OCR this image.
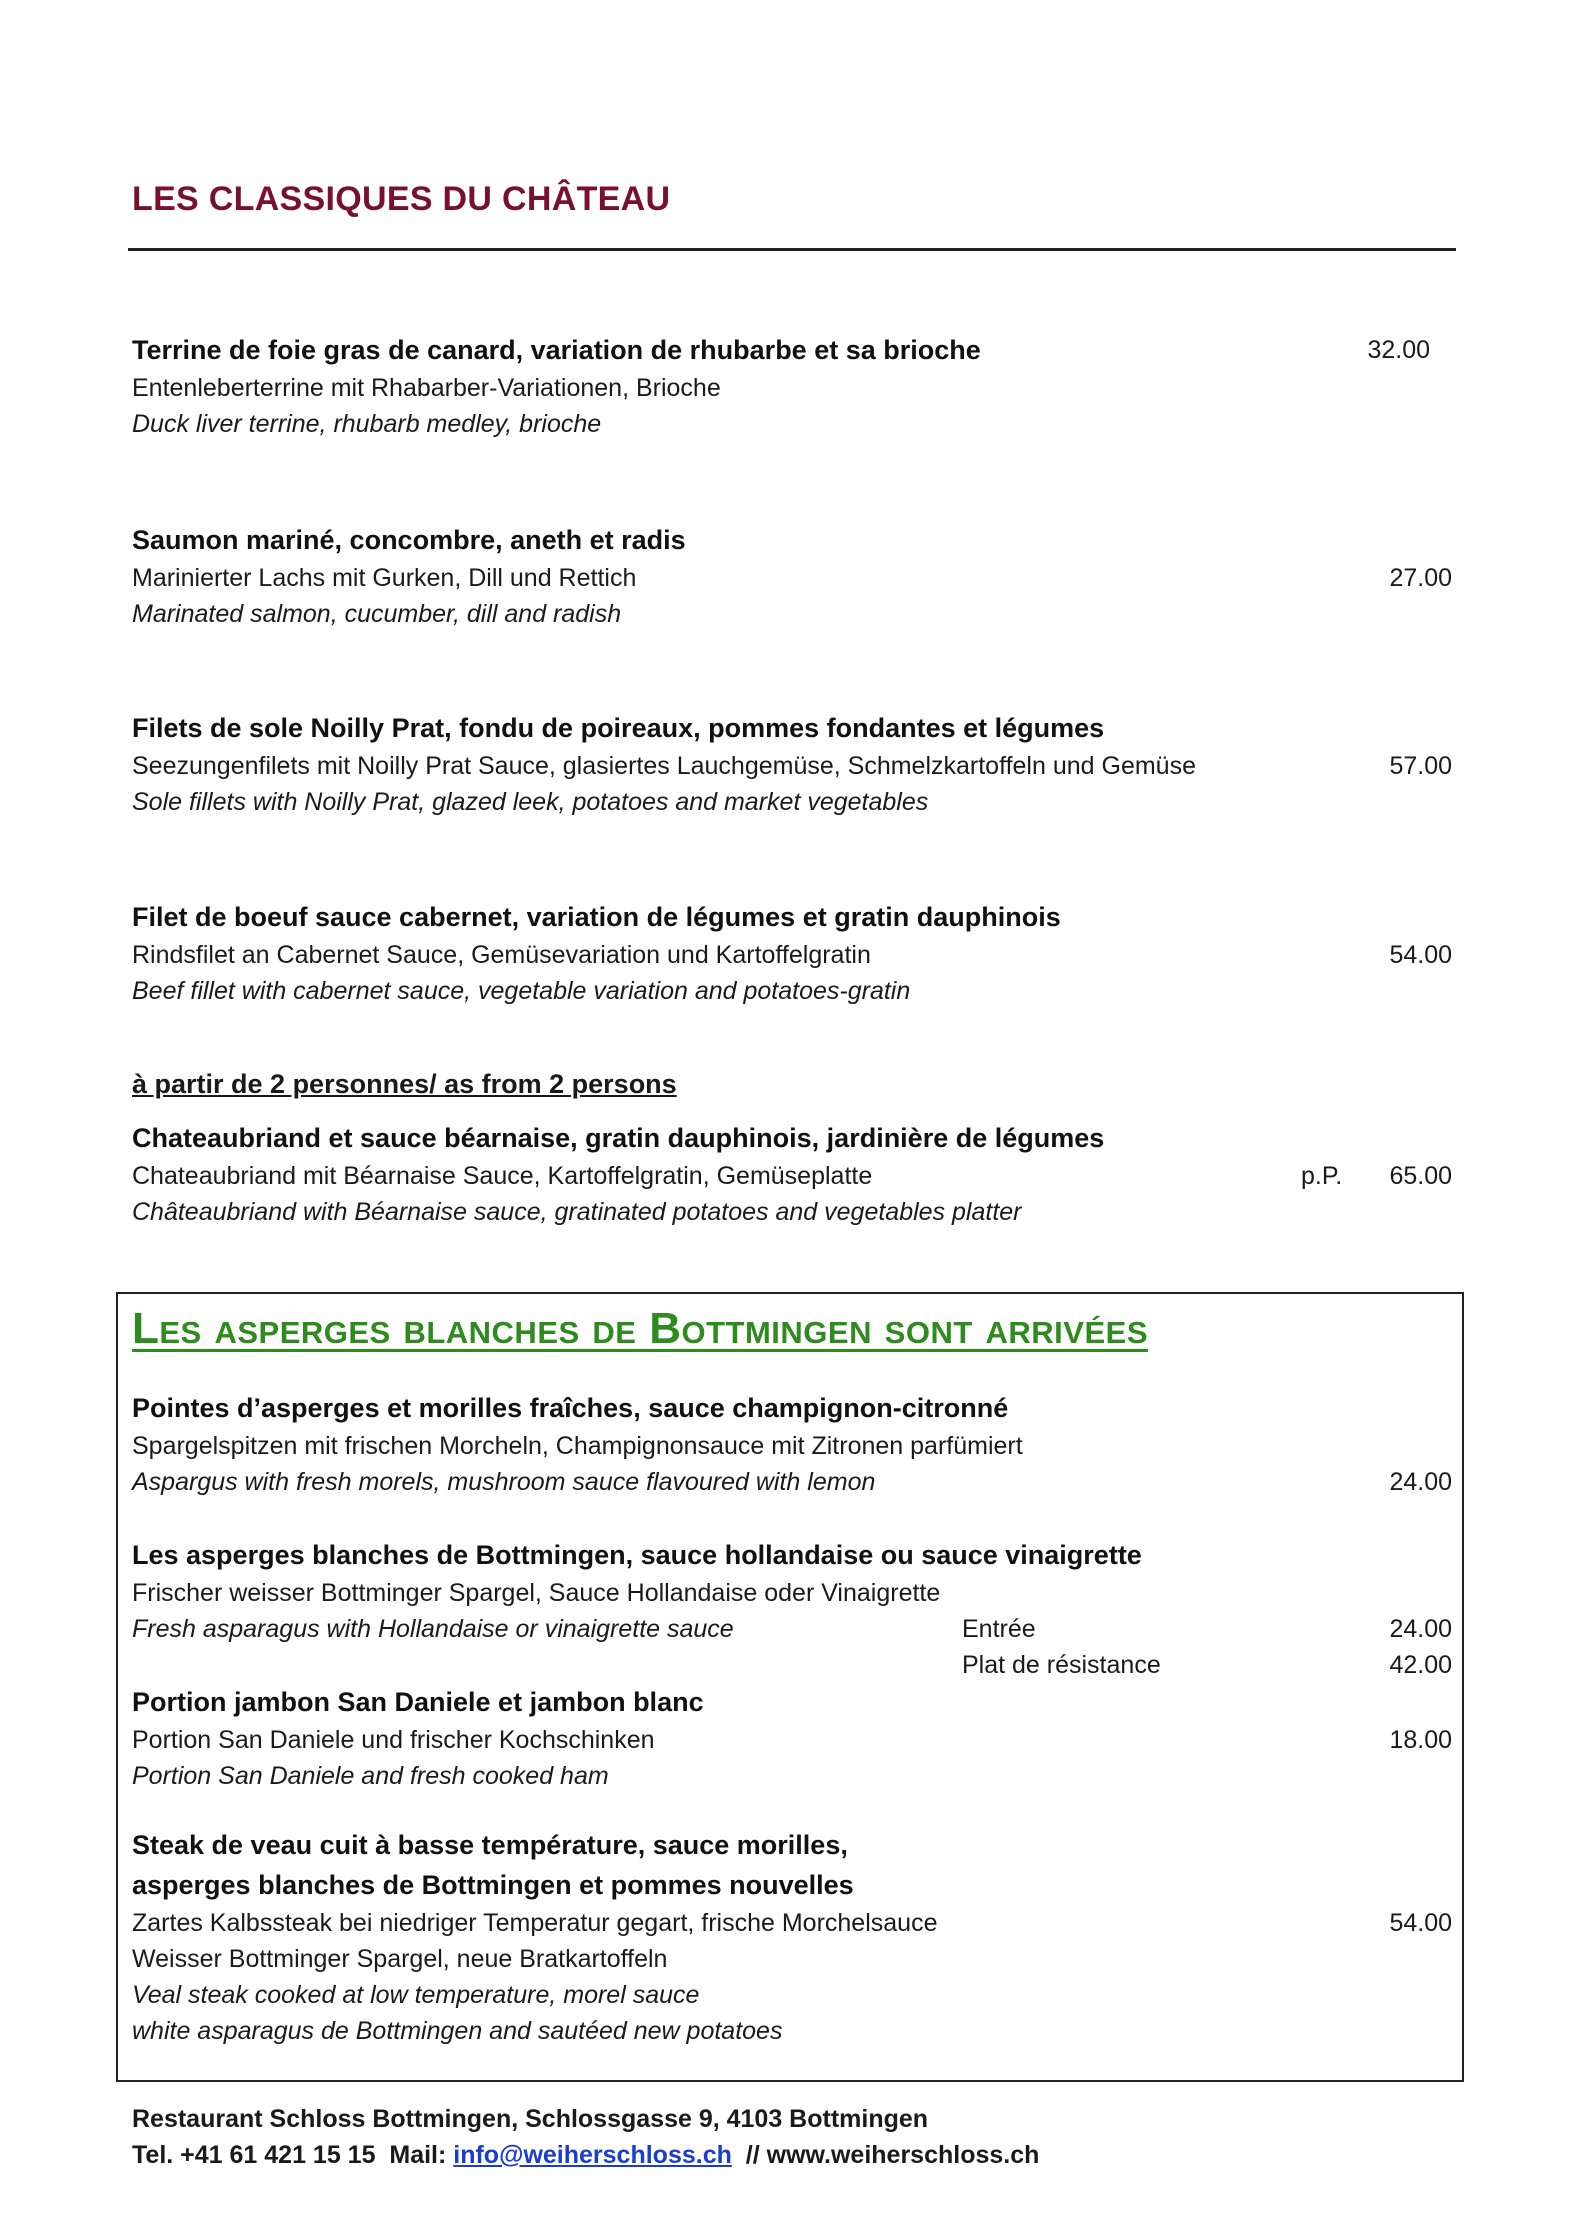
LES CLASSIQUES DU CHÂTEAU
Terrine de foie gras de canard, variation de rhubarbe et sa brioche
Entenleberterrine mit Rhabarber-Variationen, Brioche
Duck liver terrine, rhubarb medley, brioche
32.00
Saumon mariné, concombre, aneth et radis
Marinierter Lachs mit Gurken, Dill und Rettich
Marinated salmon, cucumber, dill and radish
27.00
Filets de sole Noilly Prat, fondu de poireaux, pommes fondantes et légumes
Seezungenfilets mit Noilly Prat Sauce, glasiertes Lauchgemüse, Schmelzkartoffeln und Gemüse
Sole fillets with Noilly Prat, glazed leek, potatoes and market vegetables
57.00
Filet de boeuf sauce cabernet, variation de légumes et gratin dauphinois
Rindsfilet an Cabernet Sauce, Gemüsevariation und Kartoffelgratin
Beef fillet with cabernet sauce, vegetable variation and potatoes-gratin
54.00
à partir de 2 personnes/ as from 2 persons
Chateaubriand et sauce béarnaise, gratin dauphinois, jardinière de légumes
Chateaubriand mit Béarnaise Sauce, Kartoffelgratin, Gemüseplatte
Châteaubriand with Béarnaise sauce, gratinated potatoes and vegetables platter
p.P. 65.00
Les asperges blanches de Bottmingen sont arrivées
Pointes d’asperges et morilles fraîches, sauce champignon-citronné
Spargelspitzen mit frischen Morcheln, Champignonsauce mit Zitronen parfümiert
Aspargus with fresh morels, mushroom sauce flavoured with lemon	24.00
Les asperges blanches de Bottmingen, sauce hollandaise ou sauce vinaigrette
Frischer weisser Bottminger Spargel, Sauce Hollandaise oder Vinaigrette
Fresh asparagus with Hollandaise or vinaigrette sauce	Entrée	24.00
Plat de résistance	42.00
Portion jambon San Daniele et jambon blanc
Portion San Daniele und frischer Kochschinken
Portion San Daniele and fresh cooked ham
18.00
Steak de veau cuit à basse température, sauce morilles,
asperges blanches de Bottmingen et pommes nouvelles
Zartes Kalbssteak bei niedriger Temperatur gegart, frische Morchelsauce
Weisser Bottminger Spargel, neue Bratkartoffeln
Veal steak cooked at low temperature, morel sauce
white asparagus de Bottmingen and sautéed new potatoes
54.00
Restaurant Schloss Bottmingen, Schlossgasse 9, 4103 Bottmingen
Tel. +41 61 421 15 15  Mail: info@weiherschloss.ch  // www.weiherschloss.ch
